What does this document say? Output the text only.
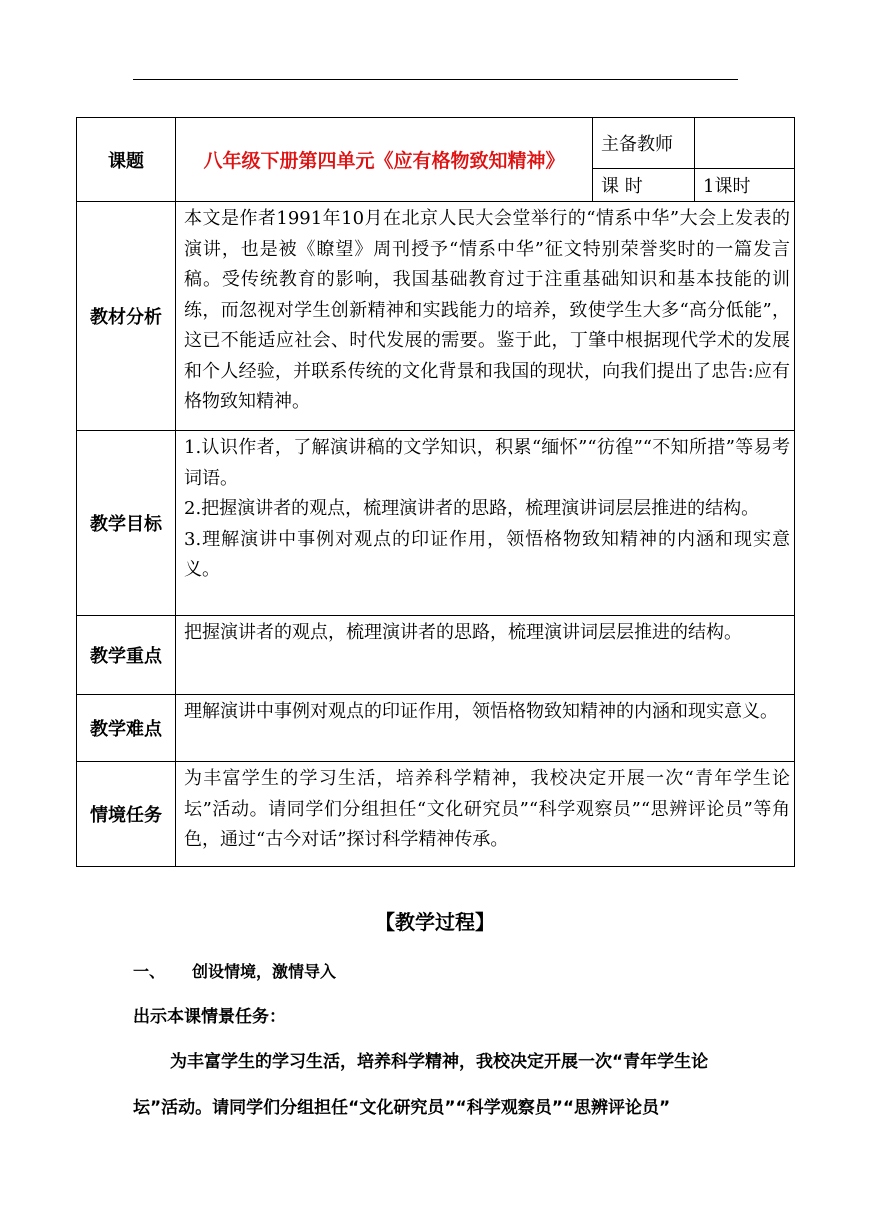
课题	八年级下册第四单元《应有格物致知精神》	主备教师	
		课 时	1课时
教材分析	本文是作者1991年10月在北京人民大会堂举行的“情系中华”大会上发表的演讲，也是被《瞭望》周刊授予“情系中华”征文特别荣誉奖时的一篇发言稿。受传统教育的影响，我国基础教育过于注重基础知识和基本技能的训练，而忽视对学生创新精神和实践能力的培养，致使学生大多“高分低能”，这已不能适应社会、时代发展的需要。鉴于此，丁肇中根据现代学术的发展和个人经验，并联系传统的文化背景和我国的现状，向我们提出了忠告:应有格物致知精神。		

教学目标	1.认识作者，了解演讲稿的文学知识，积累“缅怀”“彷徨”“不知所措”等易考词语。
2.把握演讲者的观点，梳理演讲者的思路，梳理演讲词层层推进的结构。
3.理解演讲中事例对观点的印证作用，领悟格物致知精神的内涵和现实意义。		

教学重点	把握演讲者的观点，梳理演讲者的思路，梳理演讲词层层推进的结构。		
教学难点	理解演讲中事例对观点的印证作用，领悟格物致知精神的内涵和现实意义。		
情境任务	为丰富学生的学习生活，培养科学精神，我校决定开展一次“青年学生论坛”活动。请同学们分组担任“文化研究员”“科学观察员”“思辨评论员”等角色，通过“古今对话”探讨科学精神传承。		
【教学过程】
一、 创设情境，激情导入
出示本课情景任务：
为丰富学生的学习生活，培养科学精神，我校决定开展一次“青年学生论
坛”活动。请同学们分组担任“文化研究员”“科学观察员”“思辨评论员”
